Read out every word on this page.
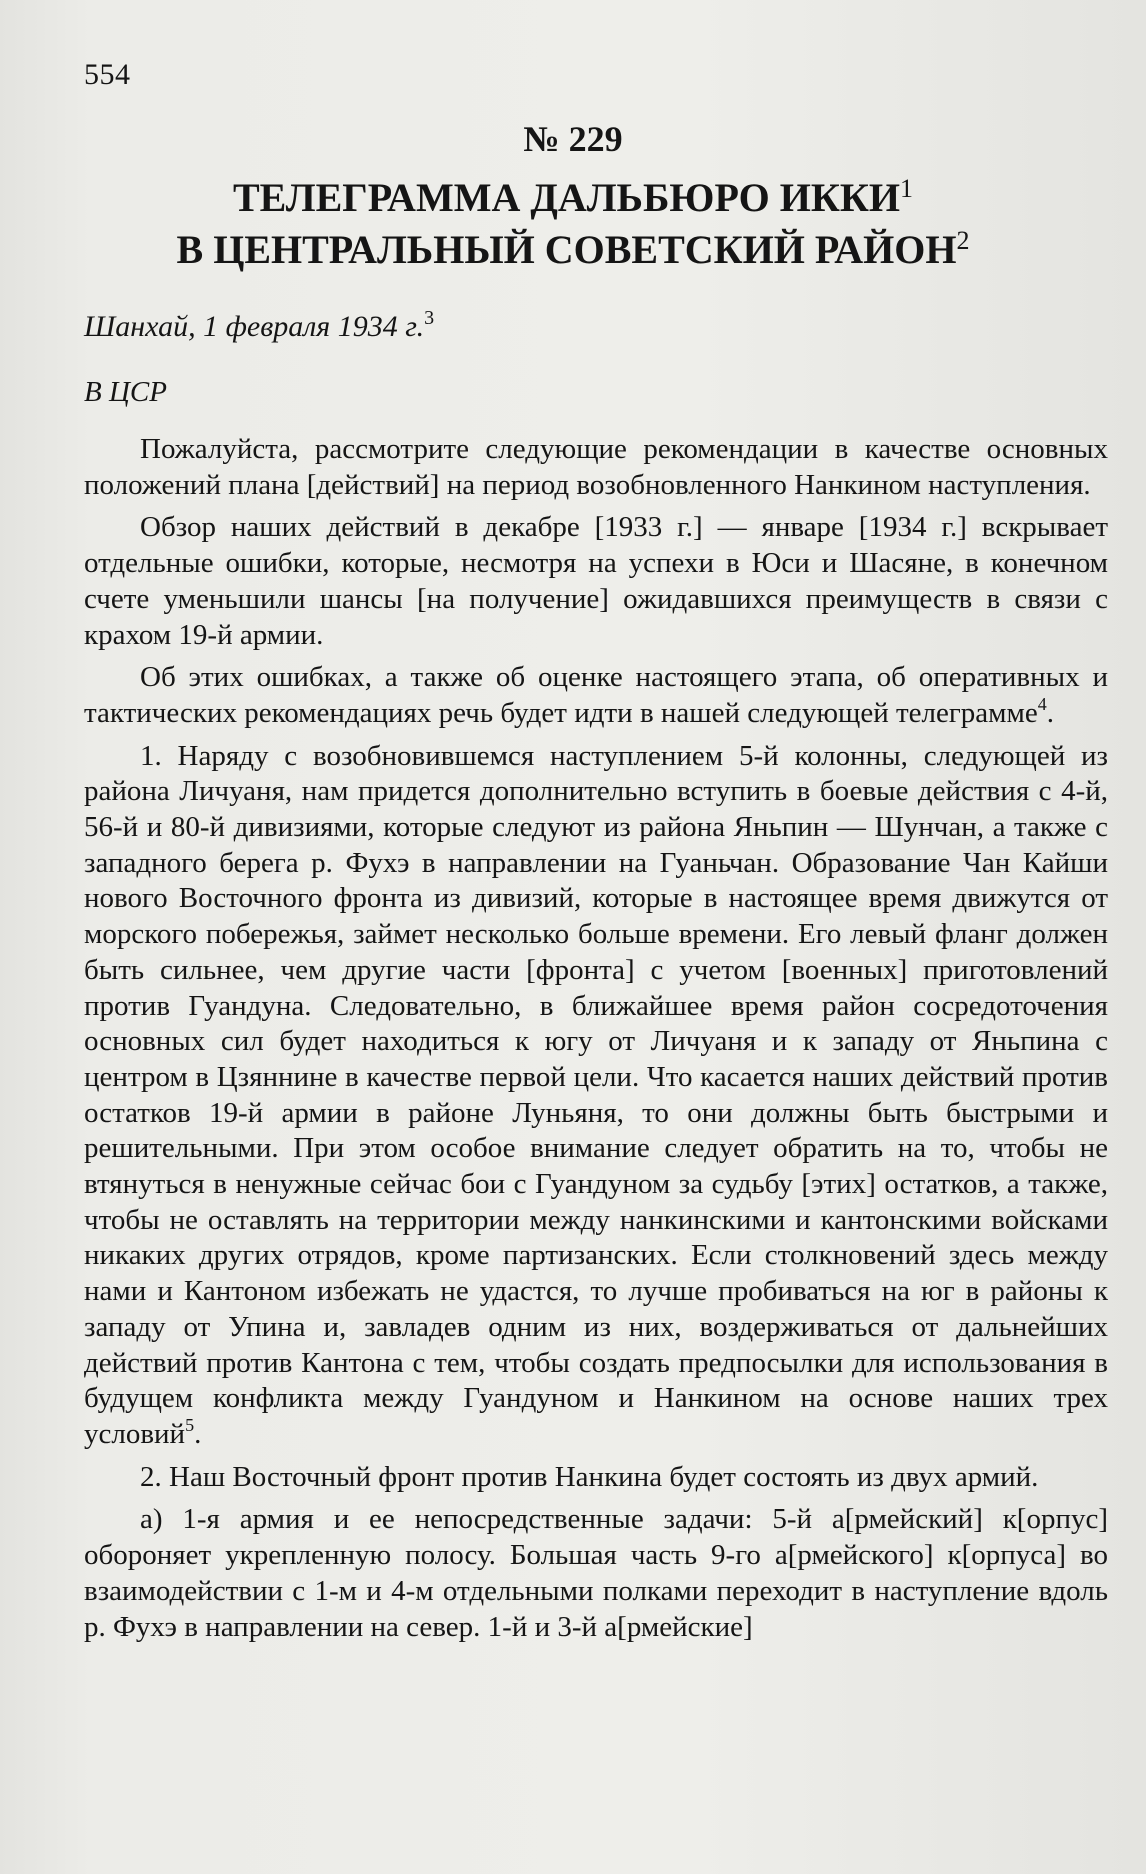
554
№ 229
ТЕЛЕГРАММА ДАЛЬБЮРО ИККИ$^1$
В ЦЕНТРАЛЬНЫЙ СОВЕТСКИЙ РАЙОН$^2$
Шанхай, 1 февраля 1934 г.$^3$
В ЦСР

Пожалуйста, рассмотрите следующие рекомендации в качестве основных положений плана [действий] на период возобновленного Нанкином наступления.

Обзор наших действий в декабре [1933 г.] — январе [1934 г.] вскрывает отдельные ошибки, которые, несмотря на успехи в Юси и Шасяне, в конечном счете уменьшили шансы [на получение] ожидавшихся преимуществ в связи с крахом 19-й армии.

Об этих ошибках, а также об оценке настоящего этапа, об оперативных и тактических рекомендациях речь будет идти в нашей следующей телеграмме$^4$.

1. Наряду с возобновившемся наступлением 5-й колонны, следующей из района Личуаня, нам придется дополнительно вступить в боевые действия с 4-й, 56-й и 80-й дивизиями, которые следуют из района Яньпин — Шунчан, а также с западного берега р. Фухэ в направлении на Гуаньчан. Образование Чан Кайши нового Восточного фронта из дивизий, которые в настоящее время движутся от морского побережья, займет несколько больше времени. Его левый фланг должен быть сильнее, чем другие части [фронта] с учетом [военных] приготовлений против Гуандуна. Следовательно, в ближайшее время район сосредоточения основных сил будет находиться к югу от Личуаня и к западу от Яньпина с центром в Цзяннине в качестве первой цели. Что касается наших действий против остатков 19-й армии в районе Луньяня, то они должны быть быстрыми и решительными. При этом особое внимание следует обратить на то, чтобы не втянуться в ненужные сейчас бои с Гуандуном за судьбу [этих] остатков, а также, чтобы не оставлять на территории между нанкинскими и кантонскими войсками никаких других отрядов, кроме партизанских. Если столкновений здесь между нами и Кантоном избежать не удастся, то лучше пробиваться на юг в районы к западу от Упина и, завладев одним из них, воздерживаться от дальнейших действий против Кантона с тем, чтобы создать предпосылки для использования в будущем конфликта между Гуандуном и Нанкином на основе наших трех условий$^5$.

2. Наш Восточный фронт против Нанкина будет состоять из двух армий.

а) 1-я армия и ее непосредственные задачи: 5-й а[рмейский] к[орпус] обороняет укрепленную полосу. Большая часть 9-го а[рмейского] к[орпуса] во взаимодействии с 1-м и 4-м отдельными полками переходит в наступление вдоль р. Фухэ в направлении на север. 1-й и 3-й а[рмейские]
